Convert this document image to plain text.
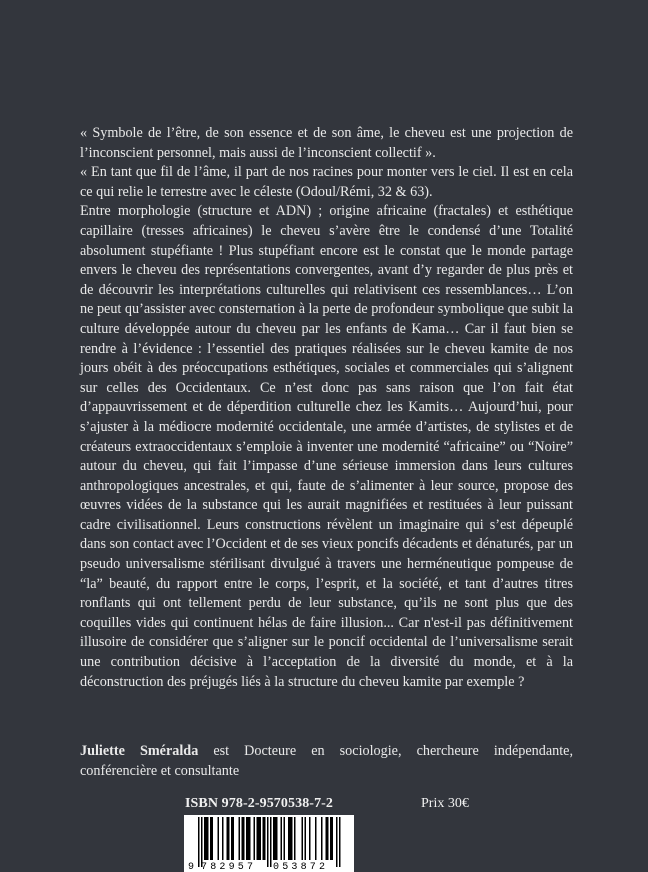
« Symbole de l’être, de son essence et de son âme, le cheveu est une projection de l’inconscient personnel, mais aussi de l’inconscient collectif ».

« En tant que fil de l’âme, il part de nos racines pour monter vers le ciel. Il est en cela ce qui relie le terrestre avec le céleste (Odoul/Rémi, 32 & 63).

Entre morphologie (structure et ADN) ; origine africaine (fractales) et esthétique capillaire (tresses africaines) le cheveu s’avère être le condensé d’une Totalité absolument stupéfiante ! Plus stupéfiant encore est le constat que le monde partage envers le cheveu des représentations convergentes, avant d’y regarder de plus près et de découvrir les interprétations culturelles qui relativisent ces ressemblances… L’on ne peut qu’assister avec consternation à la perte de profondeur symbolique que subit la culture développée autour du cheveu par les enfants de Kama… Car il faut bien se rendre à l’évidence : l’essentiel des pratiques réalisées sur le cheveu kamite de nos jours obéit à des préoccupations esthétiques, sociales et commerciales qui s’alignent sur celles des Occidentaux. Ce n’est donc pas sans raison que l’on fait état d’appauvrissement et de déperdition culturelle chez les Kamits… Aujourd’hui, pour s’ajuster à la médiocre modernité occidentale, une armée d’artistes, de stylistes et de créateurs extraoccidentaux s’emploie à inventer une modernité “africaine” ou “Noire” autour du cheveu, qui fait l’impasse d’une sérieuse immersion dans leurs cultures anthropologiques ancestrales, et qui, faute de s’alimenter à leur source, propose des œuvres vidées de la substance qui les aurait magnifiées et restituées à leur puissant cadre civilisationnel. Leurs constructions révèlent un imaginaire qui s’est dépeuplé dans son contact avec l’Occident et de ses vieux poncifs décadents et dénaturés, par un pseudo universalisme stérilisant divulgué à travers une herméneutique pompeuse de “la” beauté, du rapport entre le corps, l’esprit, et la société, et tant d’autres titres ronflants qui ont tellement perdu de leur substance, qu’ils ne sont plus que des coquilles vides qui continuent hélas de faire illusion... Car n'est-il pas définitivement illusoire de considérer que s’aligner sur le poncif occidental de l’universalisme serait une contribution décisive à l’acceptation de la diversité du monde, et à la déconstruction des préjugés liés à la structure du cheveu kamite par exemple ?

Juliette Sméralda est Docteure en sociologie, chercheure indépendante, conférencière et consultante
ISBN 978-2-9570538-7-2	Prix 30€
9 782957 053872
